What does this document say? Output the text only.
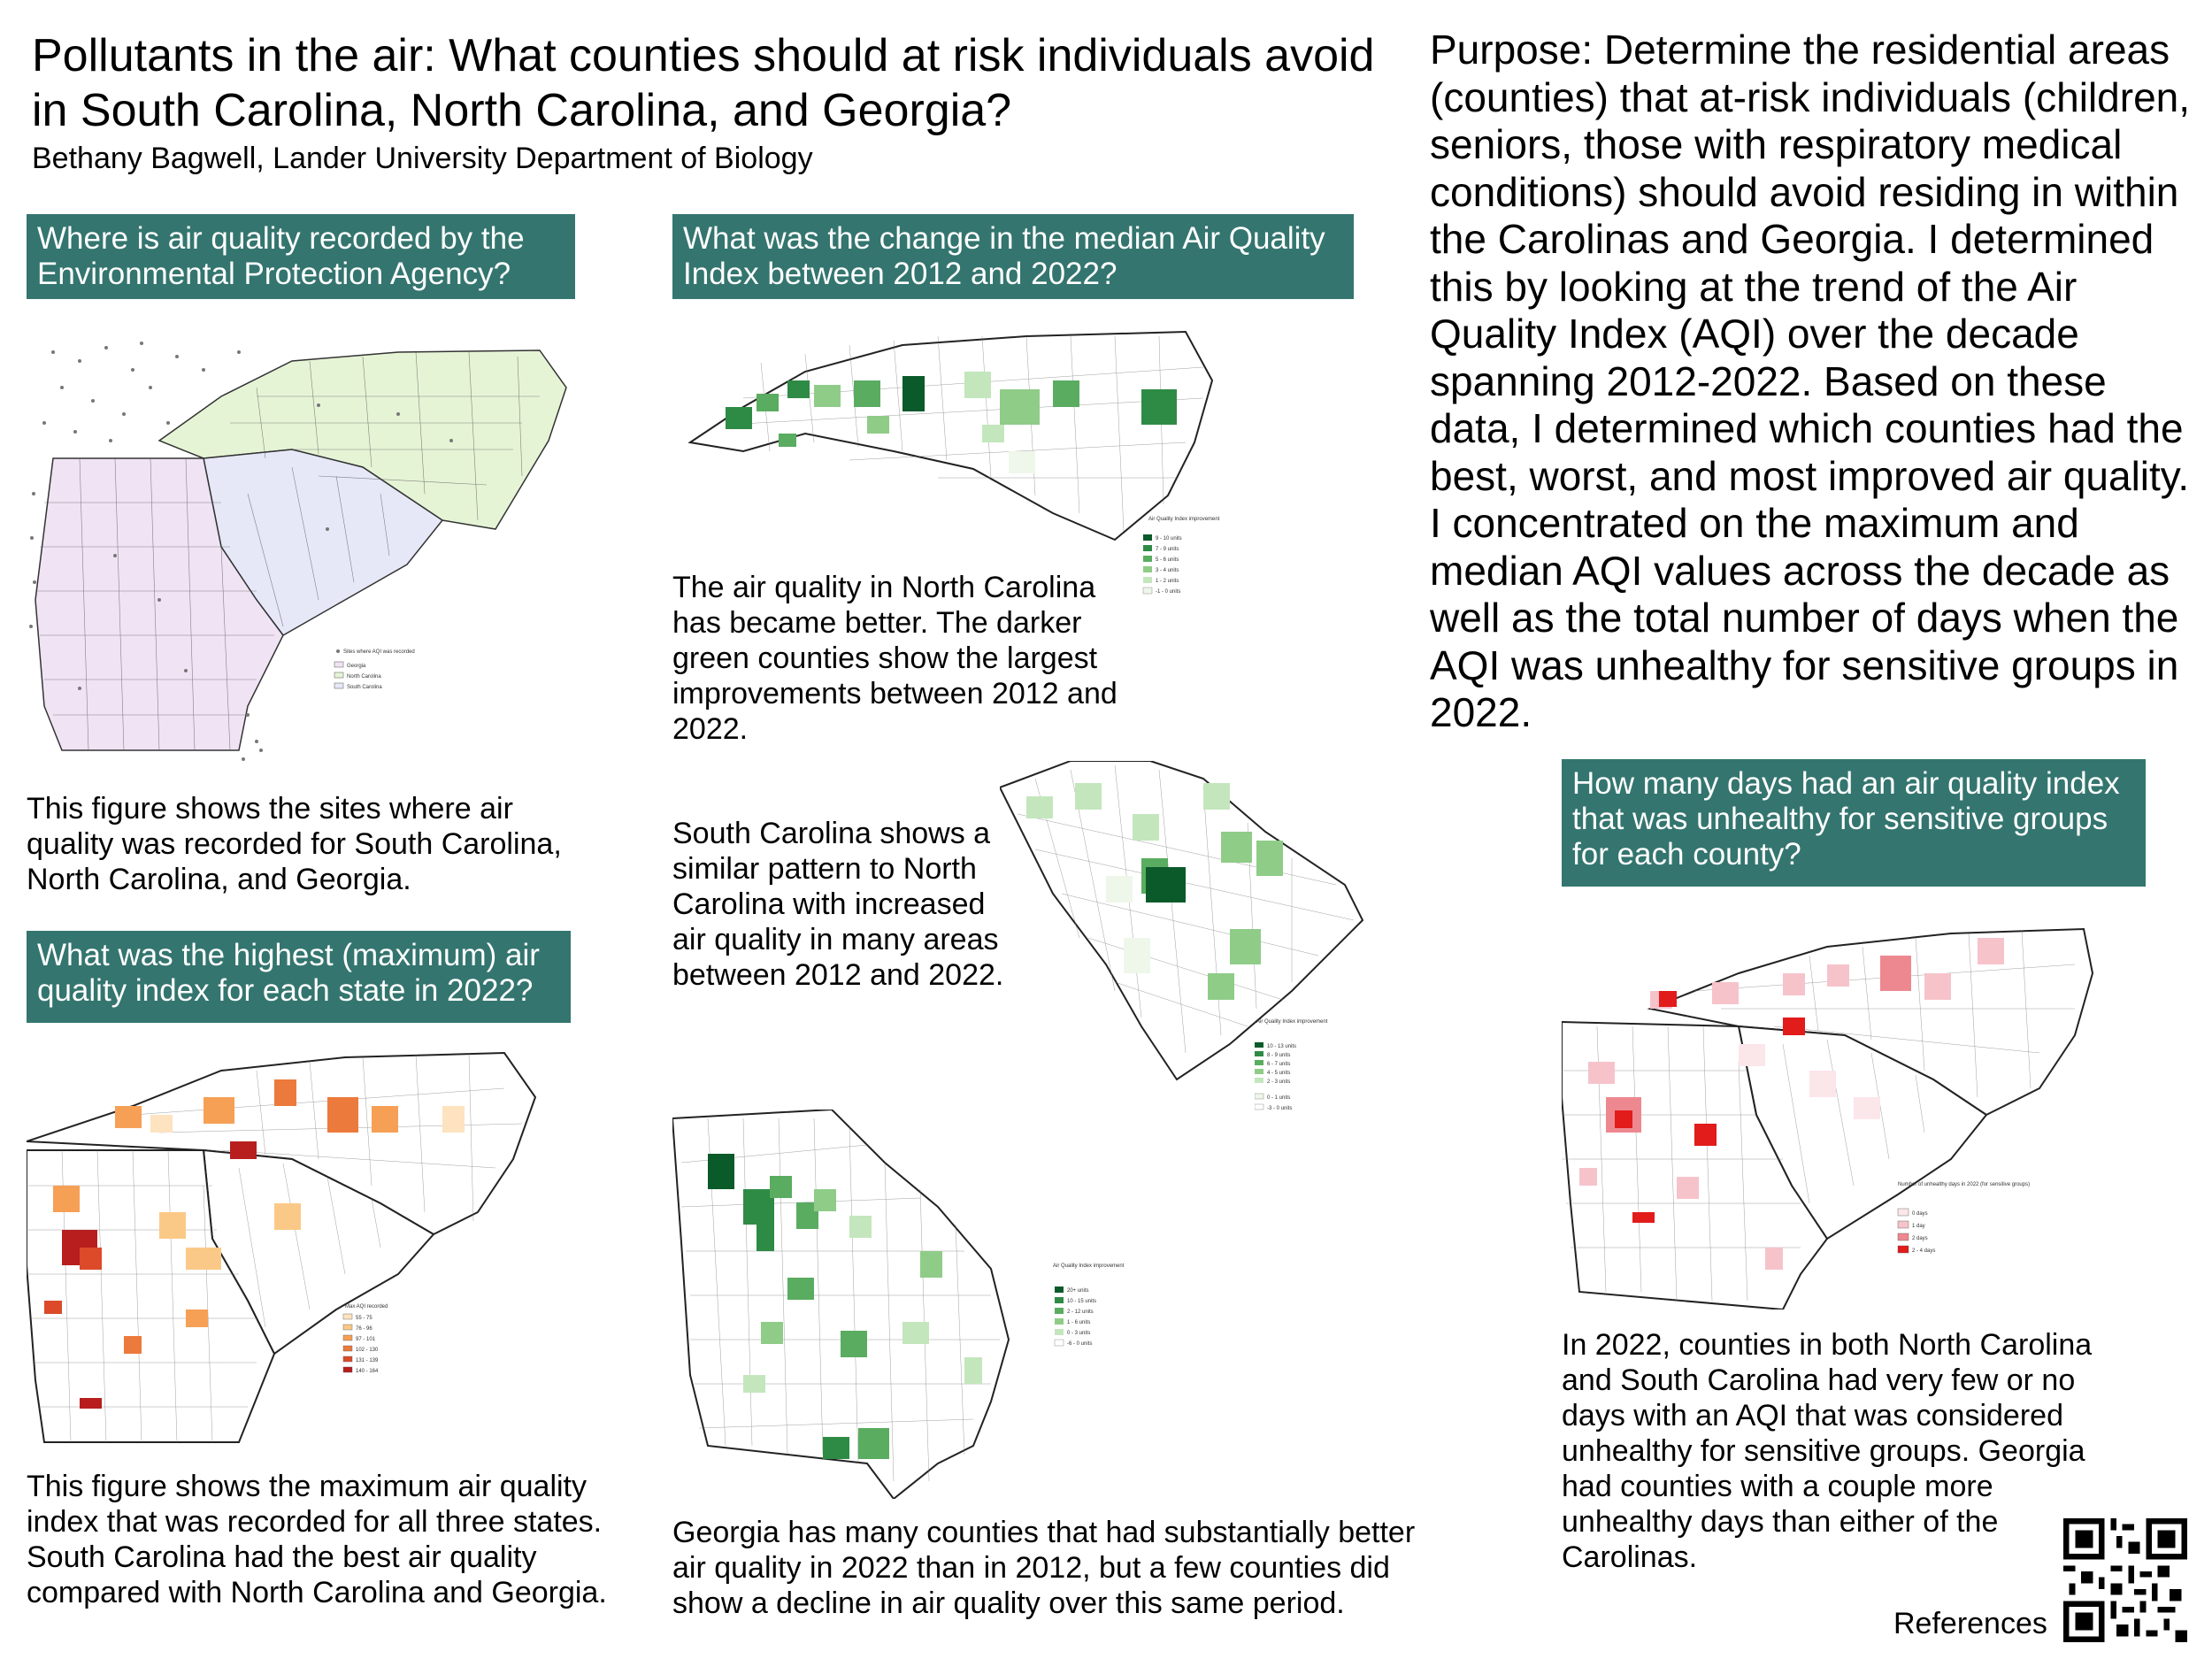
Pollutants in the air: What counties should at risk individuals avoid in South Carolina, North Carolina, and Georgia?
Bethany Bagwell, Lander University Department of Biology
Purpose: Determine the residential areas (counties) that at-risk individuals (children, seniors, those with respiratory medical conditions) should avoid residing in within the Carolinas and Georgia. I determined this by looking at the trend of the Air Quality Index (AQI) over the decade spanning 2012-2022. Based on these data, I determined which counties had the best, worst, and most improved air quality. I concentrated on the maximum and median AQI values across the decade as well as the total number of days when the AQI was unhealthy for sensitive groups in 2022.
Where is air quality recorded by the Environmental Protection Agency?
Sites where AQI was recorded
Georgia
North Carolina
South Carolina
This figure shows the sites where air quality was recorded for South Carolina, North Carolina, and Georgia.
What was the highest (maximum) air quality index for each state in 2022?
Max AQI recorded
55 - 75
76 - 96
97 - 101
102 - 130
131 - 139
140 - 164
This figure shows the maximum air quality index that was recorded for all three states. South Carolina had the best air quality compared with North Carolina and Georgia.
What was the change in the median Air Quality Index between 2012 and 2022?
Air Quality Index improvement
9 - 10 units
7 - 9 units
5 - 6 units
3 - 4 units
1 - 2 units
-1 - 0 units
The air quality in North Carolina has became better. The darker green counties show the largest improvements between 2012 and 2022.
Air Quality Index improvement
10 - 13 units
8 - 9 units
6 - 7 units
4 - 5 units
2 - 3 units
0 - 1 units
-3 - 0 units
South Carolina shows a similar pattern to North Carolina with increased air quality in many areas between 2012 and 2022.
Air Quality Index improvement
20+ units
10 - 15 units
2 - 12 units
1 - 6 units
0 - 3 units
-6 - 0 units
Georgia has many counties that had substantially better air quality in 2022 than in 2012, but a few counties did show a decline in air quality over this same period.
How many days had an air quality index that was unhealthy for sensitive groups for each county?
Number of unhealthy days in 2022 (for sensitive groups)
0 days
1 day
2 days
2 - 4 days
In 2022, counties in both North Carolina and South Carolina had very few or no days with an AQI that was considered unhealthy for sensitive groups. Georgia had counties with a couple more unhealthy days than either of the Carolinas.
References
